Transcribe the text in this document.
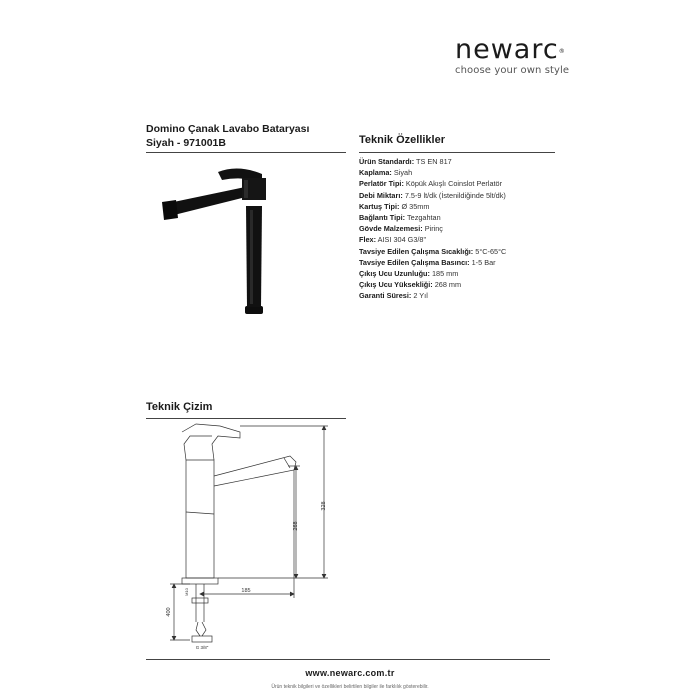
newarc®
choose your own style
Domino Çanak Lavabo Bataryası
Siyah - 971001B	Teknik Özellikler
Ürün Standardı: TS EN 817
Kaplama: Siyah
Perlatör Tipi: Köpük Akışlı Coinslot Perlatör
Debi Miktarı: 7.5-9 lt/dk (İstenildiğinde 5lt/dk)
Kartuş Tipi: Ø 35mm
Bağlantı Tipi: Tezgahtan
Gövde Malzemesi: Pirinç
Flex: AISI 304 G3/8"
Tavsiye Edilen Çalışma Sıcaklığı: 5°C-65°C
Tavsiye Edilen Çalışma Basıncı: 1-5 Bar
Çıkış Ucu Uzunluğu: 185 mm
Çıkış Ucu Yüksekliği: 268 mm
Garanti Süresi: 2 Yıl
Teknik Çizim
268
328
185
400
M10
G 3/8"
www.newarc.com.tr
Ürün teknik bilgileri ve özellikleri belirtilen bilgiler ile farklılık gösterebilir.
